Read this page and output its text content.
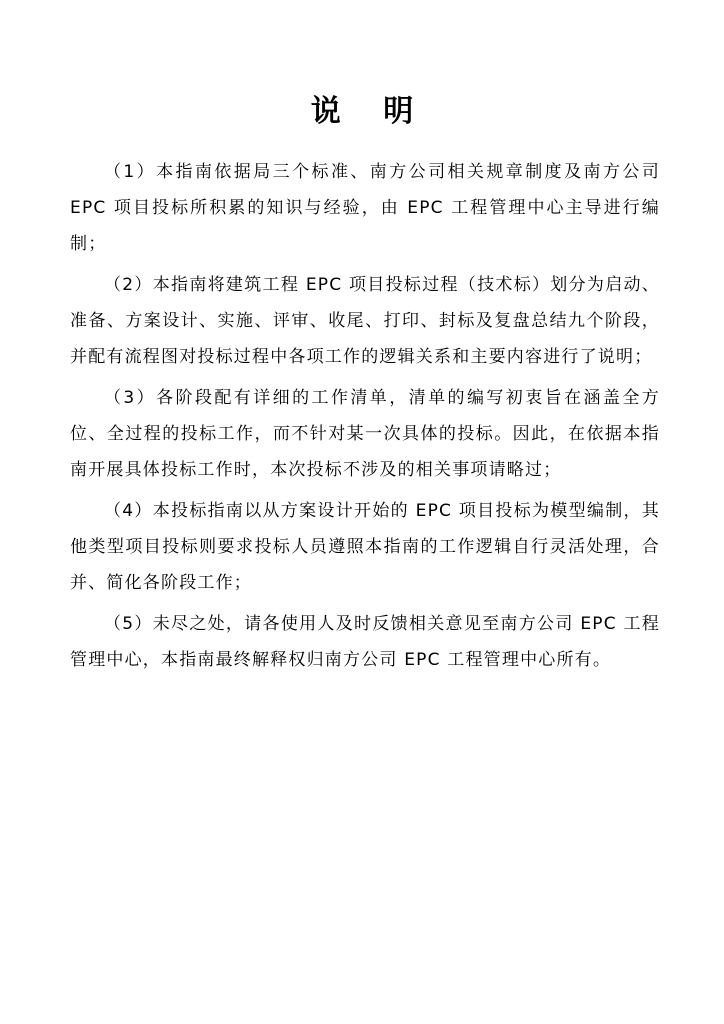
说 明

（1）本指南依据局三个标准、南方公司相关规章制度及南方公司 EPC 项目投标所积累的知识与经验，由 EPC 工程管理中心主导进行编制；

（2）本指南将建筑工程 EPC 项目投标过程（技术标）划分为启动、准备、方案设计、实施、评审、收尾、打印、封标及复盘总结九个阶段，并配有流程图对投标过程中各项工作的逻辑关系和主要内容进行了说明；

（3）各阶段配有详细的工作清单，清单的编写初衷旨在涵盖全方位、全过程的投标工作，而不针对某一次具体的投标。因此，在依据本指南开展具体投标工作时，本次投标不涉及的相关事项请略过；

（4）本投标指南以从方案设计开始的 EPC 项目投标为模型编制，其他类型项目投标则要求投标人员遵照本指南的工作逻辑自行灵活处理，合并、简化各阶段工作；

（5）未尽之处，请各使用人及时反馈相关意见至南方公司 EPC 工程管理中心，本指南最终解释权归南方公司 EPC 工程管理中心所有。
